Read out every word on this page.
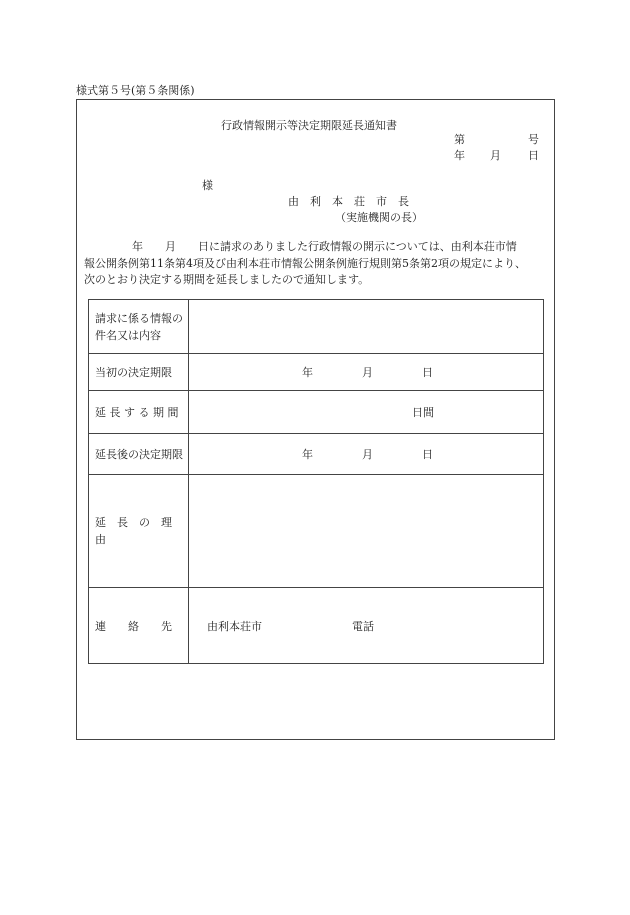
様式第５号(第５条関係)
行政情報開示等決定期限延長通知書
第	号
年 月 日
様
由　利　本　荘　市　長
（実施機関の長）
年　　月　　日に請求のありました行政情報の開示については、由利本荘市情
報公開条例第11条第4項及び由利本荘市情報公開条例施行規則第5条第2項の規定により、
次のとおり決定する期間を延長しましたので通知します。
請求に係る情報の件名又は内容
当初の決定期限	年	月	日
延 長 す る 期 間	日間
延長後の決定期限	年	月	日
延　長　の　理　由
連　　絡　　先	由利本荘市	電話
